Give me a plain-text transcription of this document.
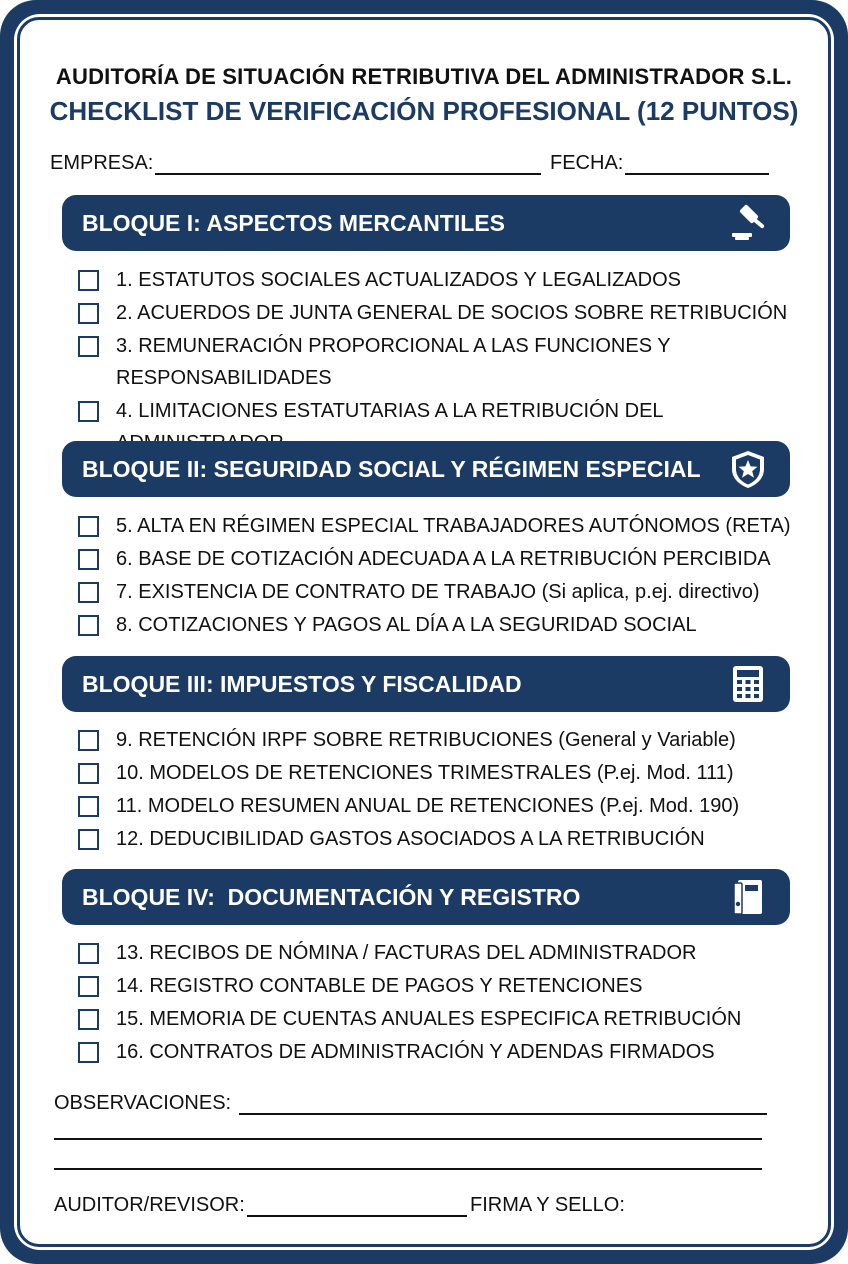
AUDITORÍA DE SITUACIÓN RETRIBUTIVA DEL ADMINISTRADOR S.L.
CHECKLIST DE VERIFICACIÓN PROFESIONAL (12 PUNTOS)
EMPRESA:	FECHA:
BLOQUE I: ASPECTOS MERCANTILES
1. ESTATUTOS SOCIALES ACTUALIZADOS Y LEGALIZADOS
2. ACUERDOS DE JUNTA GENERAL DE SOCIOS SOBRE RETRIBUCIÓN
3. REMUNERACIÓN PROPORCIONAL A LAS FUNCIONES Y RESPONSABILIDADES
4. LIMITACIONES ESTATUTARIAS A LA RETRIBUCIÓN DEL
BLOQUE II: SEGURIDAD SOCIAL Y RÉGIMEN ESPECIAL
5. ALTA EN RÉGIMEN ESPECIAL TRABAJADORES AUTÓNOMOS (RETA)
6. BASE DE COTIZACIÓN ADECUADA A LA RETRIBUCIÓN PERCIBIDA
7. EXISTENCIA DE CONTRATO DE TRABAJO (Si aplica, p.ej. directivo)
8. COTIZACIONES Y PAGOS AL DÍA A LA SEGURIDAD SOCIAL
BLOQUE III: IMPUESTOS Y FISCALIDAD
9. RETENCIÓN IRPF SOBRE RETRIBUCIONES (General y Variable)
10. MODELOS DE RETENCIONES TRIMESTRALES (P.ej. Mod. 111)
11. MODELO RESUMEN ANUAL DE RETENCIONES (P.ej. Mod. 190)
12. DEDUCIBILIDAD GASTOS ASOCIADOS A LA RETRIBUCIÓN
BLOQUE IV:  DOCUMENTACIÓN Y REGISTRO
13. RECIBOS DE NÓMINA / FACTURAS DEL ADMINISTRADOR
14. REGISTRO CONTABLE DE PAGOS Y RETENCIONES
15. MEMORIA DE CUENTAS ANUALES ESPECIFICA RETRIBUCIÓN
16. CONTRATOS DE ADMINISTRACIÓN Y ADENDAS FIRMADOS
OBSERVACIONES:
AUDITOR/REVISOR:	FIRMA Y SELLO:
